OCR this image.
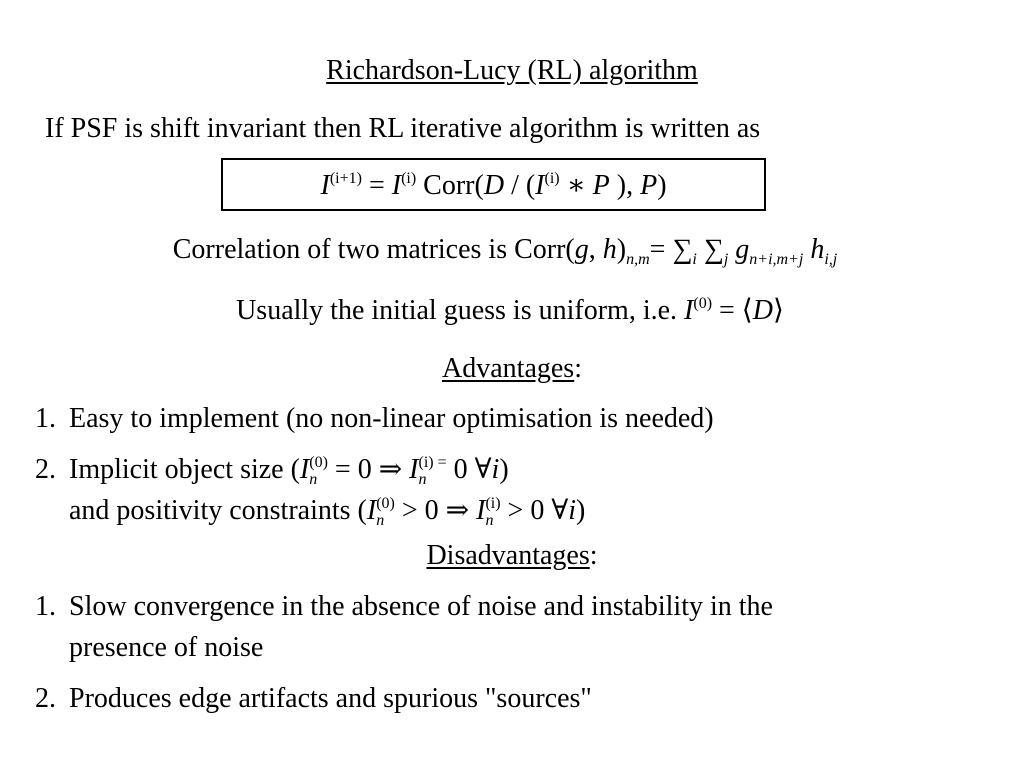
Richardson-Lucy (RL) algorithm
If PSF is shift invariant then RL iterative algorithm is written as
$I^{(i+1)} = I^{(i)}$ Corr(D / ($I^{(i)}$ ∗ P ), P)
Correlation of two matrices is Corr(g, $h)_{n,m}= \sum_i$ $\sum_j$ $g_{n+i,m+j}$ $h_{i,j}$
Usually the initial guess is uniform, i.e. $I^{(0)}$ = ⟨D⟩
Advantages:
1. Easy to implement (no non-linear optimisation is needed)
2. Implicit object size ($I_n^{(0)} = 0$ ⇒ $I_n^{(i) =}$ 0 ∀i)
and positivity constraints ($I_n^{(0)} > 0$ ⇒ $I_n^{(i)} > 0$ ∀i)
Disadvantages:
1. Slow convergence in the absence of noise and instability in the
presence of noise
2. Produces edge artifacts and spurious "sources"
